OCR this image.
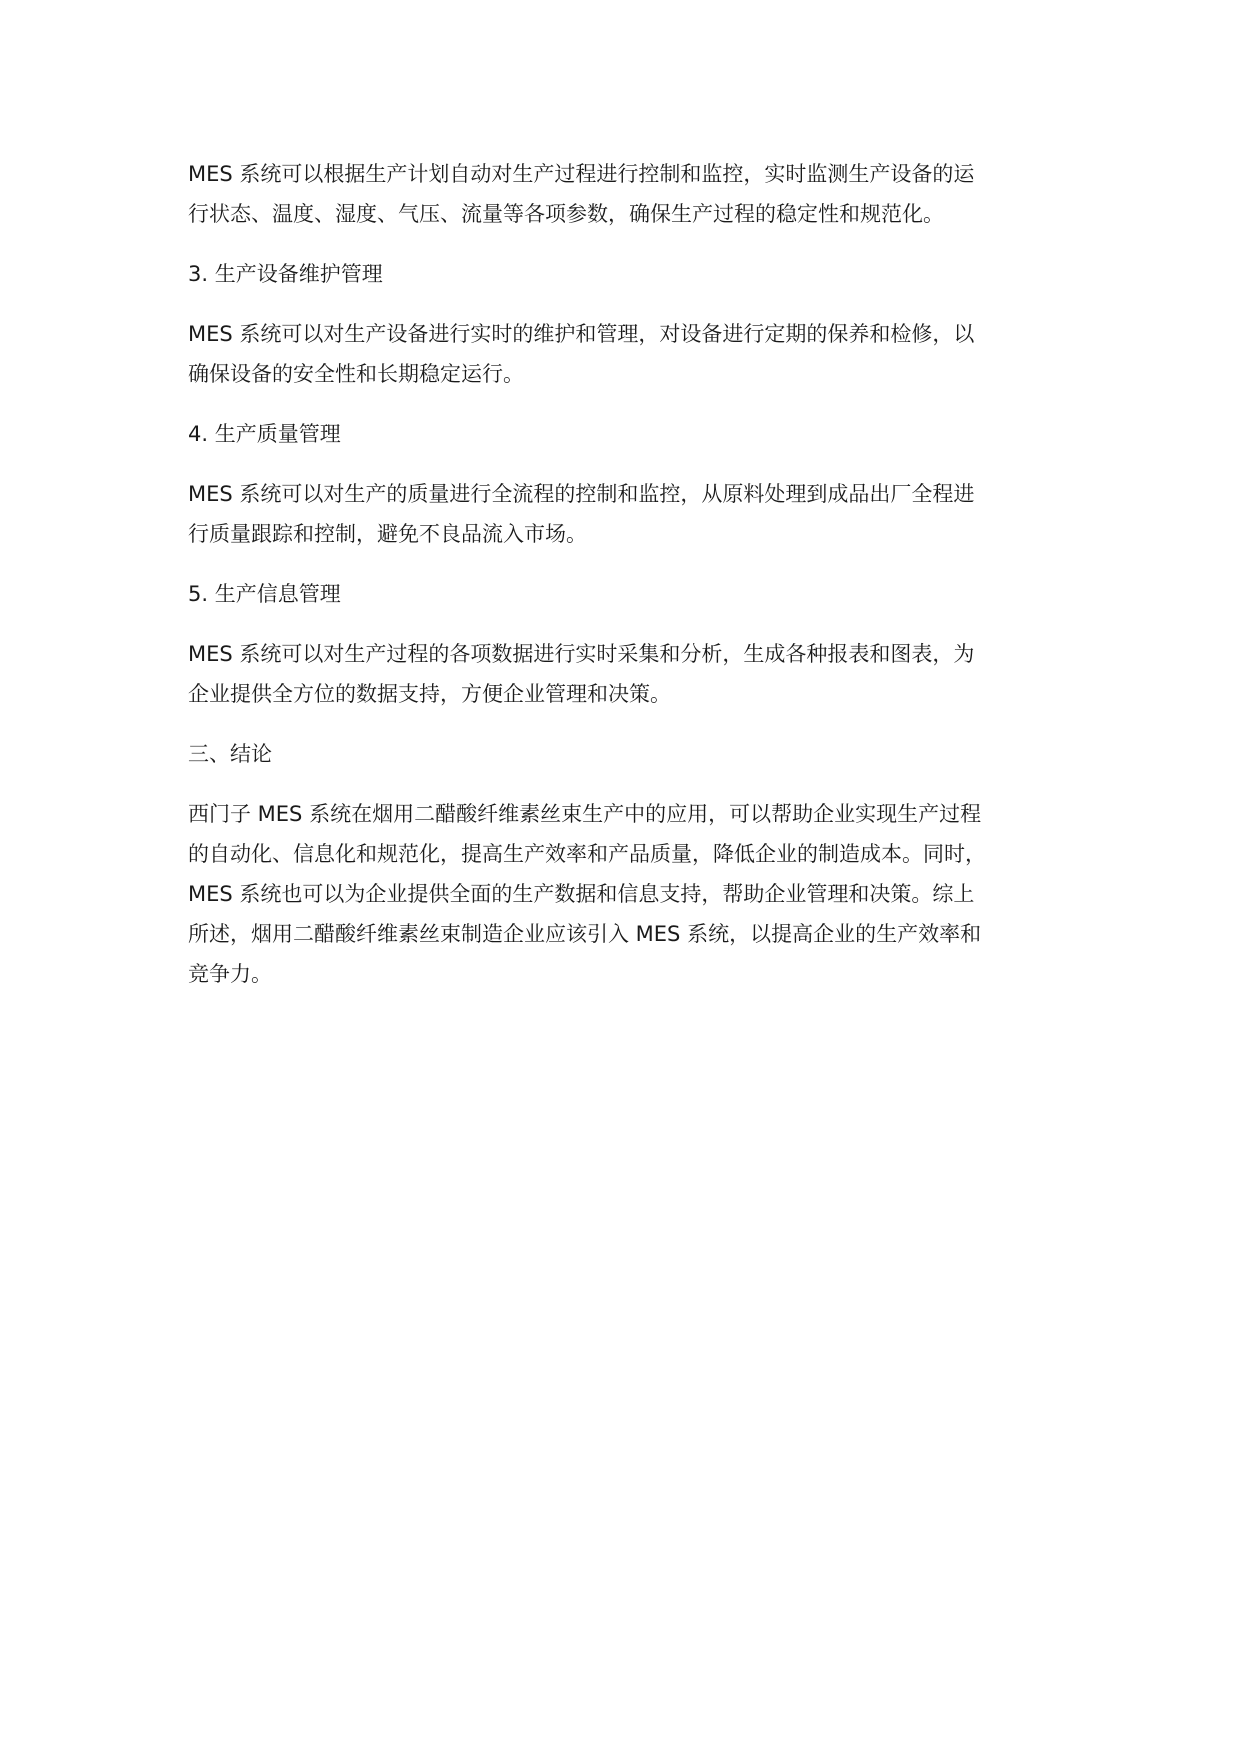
MES 系统可以根据生产计划自动对生产过程进行控制和监控，实时监测生产设备的运
行状态、温度、湿度、气压、流量等各项参数，确保生产过程的稳定性和规范化。
3. 生产设备维护管理
MES 系统可以对生产设备进行实时的维护和管理，对设备进行定期的保养和检修，以
确保设备的安全性和长期稳定运行。
4. 生产质量管理
MES 系统可以对生产的质量进行全流程的控制和监控，从原料处理到成品出厂全程进
行质量跟踪和控制，避免不良品流入市场。
5. 生产信息管理
MES 系统可以对生产过程的各项数据进行实时采集和分析，生成各种报表和图表，为
企业提供全方位的数据支持，方便企业管理和决策。
三、结论
西门子 MES 系统在烟用二醋酸纤维素丝束生产中的应用，可以帮助企业实现生产过程
的自动化、信息化和规范化，提高生产效率和产品质量，降低企业的制造成本。同时，
MES 系统也可以为企业提供全面的生产数据和信息支持，帮助企业管理和决策。综上
所述，烟用二醋酸纤维素丝束制造企业应该引入 MES 系统，以提高企业的生产效率和
竞争力。
